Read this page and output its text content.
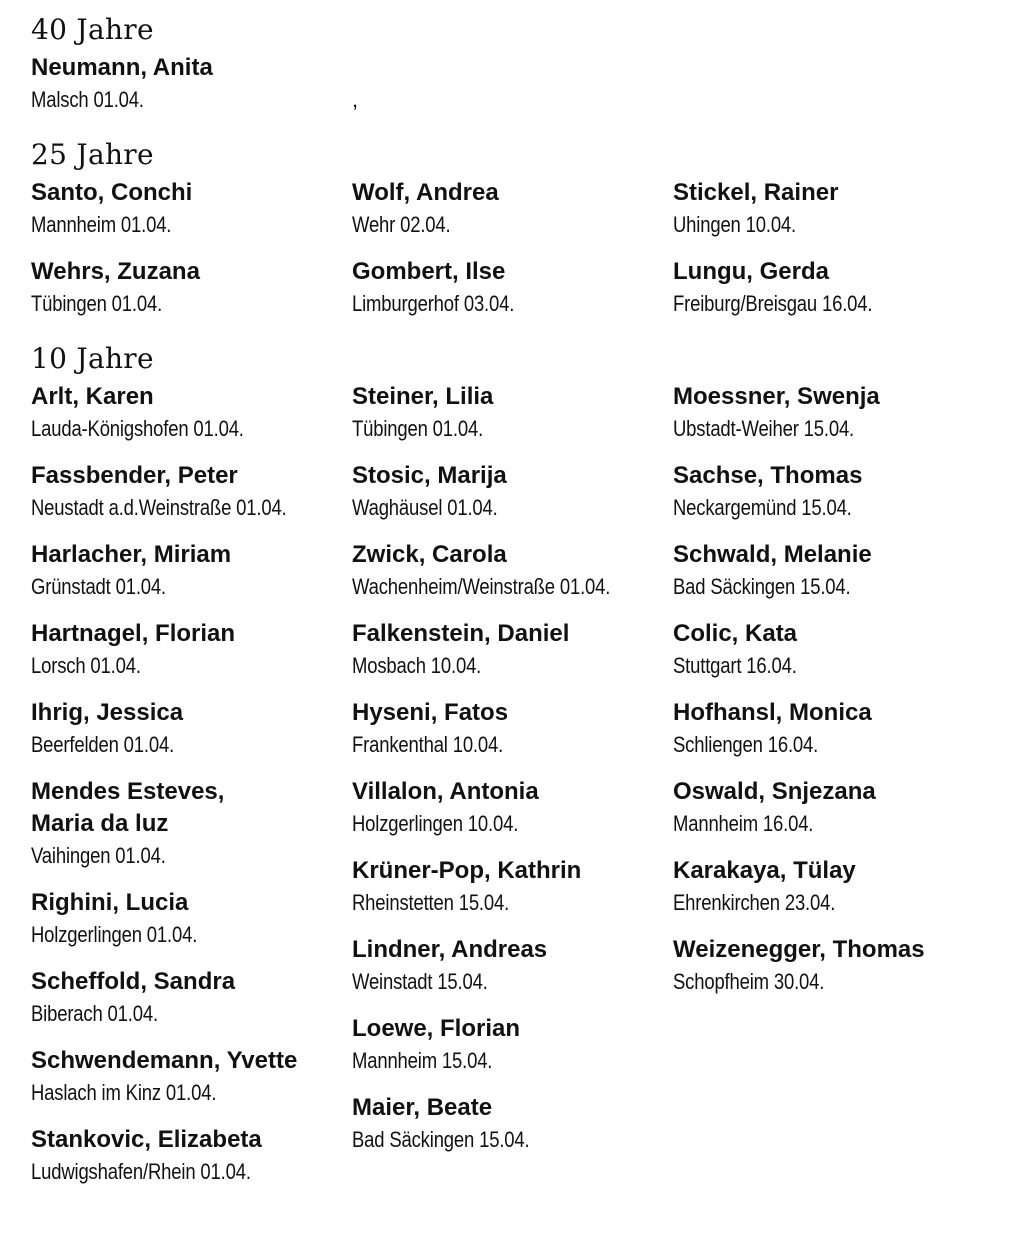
40 Jahre
Neumann, Anita
Malsch 01.04.	,
25 Jahre
Santo, Conchi
Mannheim 01.04.
Wehrs, Zuzana
Tübingen 01.04.
Wolf, Andrea
Wehr 02.04.
Gombert, Ilse
Limburgerhof 03.04.
Stickel, Rainer
Uhingen 10.04.
Lungu, Gerda
Freiburg/Breisgau 16.04.
10 Jahre
Arlt, Karen
Lauda-Königshofen 01.04.
Fassbender, Peter
Neustadt a.d.Weinstraße 01.04.
Harlacher, Miriam
Grünstadt 01.04.
Hartnagel, Florian
Lorsch 01.04.
Ihrig, Jessica
Beerfelden 01.04.
Mendes Esteves,
Maria da luz
Vaihingen 01.04.
Righini, Lucia
Holzgerlingen 01.04.
Scheffold, Sandra
Biberach 01.04.
Schwendemann, Yvette
Haslach im Kinz 01.04.
Stankovic, Elizabeta
Ludwigshafen/Rhein 01.04.
Steiner, Lilia
Tübingen 01.04.
Stosic, Marija
Waghäusel 01.04.
Zwick, Carola
Wachenheim/Weinstraße 01.04.
Falkenstein, Daniel
Mosbach 10.04.
Hyseni, Fatos
Frankenthal 10.04.
Villalon, Antonia
Holzgerlingen 10.04.
Krüner-Pop, Kathrin
Rheinstetten 15.04.
Lindner, Andreas
Weinstadt 15.04.
Loewe, Florian
Mannheim 15.04.
Maier, Beate
Bad Säckingen 15.04.
Moessner, Swenja
Ubstadt-Weiher 15.04.
Sachse, Thomas
Neckargemünd 15.04.
Schwald, Melanie
Bad Säckingen 15.04.
Colic, Kata
Stuttgart 16.04.
Hofhansl, Monica
Schliengen 16.04.
Oswald, Snjezana
Mannheim 16.04.
Karakaya, Tülay
Ehrenkirchen 23.04.
Weizenegger, Thomas
Schopfheim 30.04.
